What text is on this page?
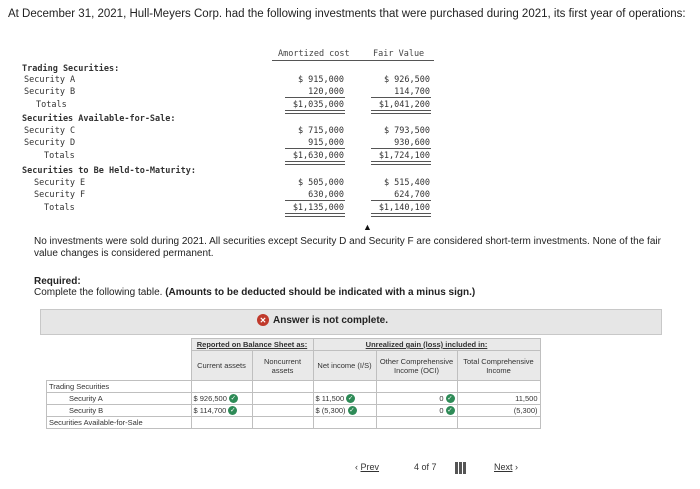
At December 31, 2021, Hull-Meyers Corp. had the following investments that were purchased during 2021, its first year of operations:
Amortized cost	Fair Value
Trading Securities:
Security A	$ 915,000	$ 926,500
Security B	120,000	114,700
Totals	$1,035,000	$1,041,200
Securities Available-for-Sale:
Security C	$ 715,000	$ 793,500
Security D	915,000	930,600
Totals	$1,630,000	$1,724,100
Securities to Be Held-to-Maturity:
Security E	$ 505,000	$ 515,400
Security F	630,000	624,700
Totals	$1,135,000	$1,140,100
▲
No investments were sold during 2021. All securities except Security D and Security F are considered short-term investments. None of the fair value changes is considered permanent.
Required:
Complete the following table. (Amounts to be deducted should be indicated with a minus sign.)
✕ Answer is not complete.
	Reported on Balance Sheet as:		Unrealized gain (loss) included in:		
	Current assets	Noncurrent assets	Net income (I/S)	Other Comprehensive Income (OCI)	Total Comprehensive Income
Trading Securities					
Security A	$ 926,500 ✓		$ 11,500 ✓	0 ✓	11,500
Security B	$ 114,700 ✓		$ (5,300) ✓	0 ✓	(5,300)
Securities Available-for-Sale					
‹ Prev	4 of 7	Next ›
